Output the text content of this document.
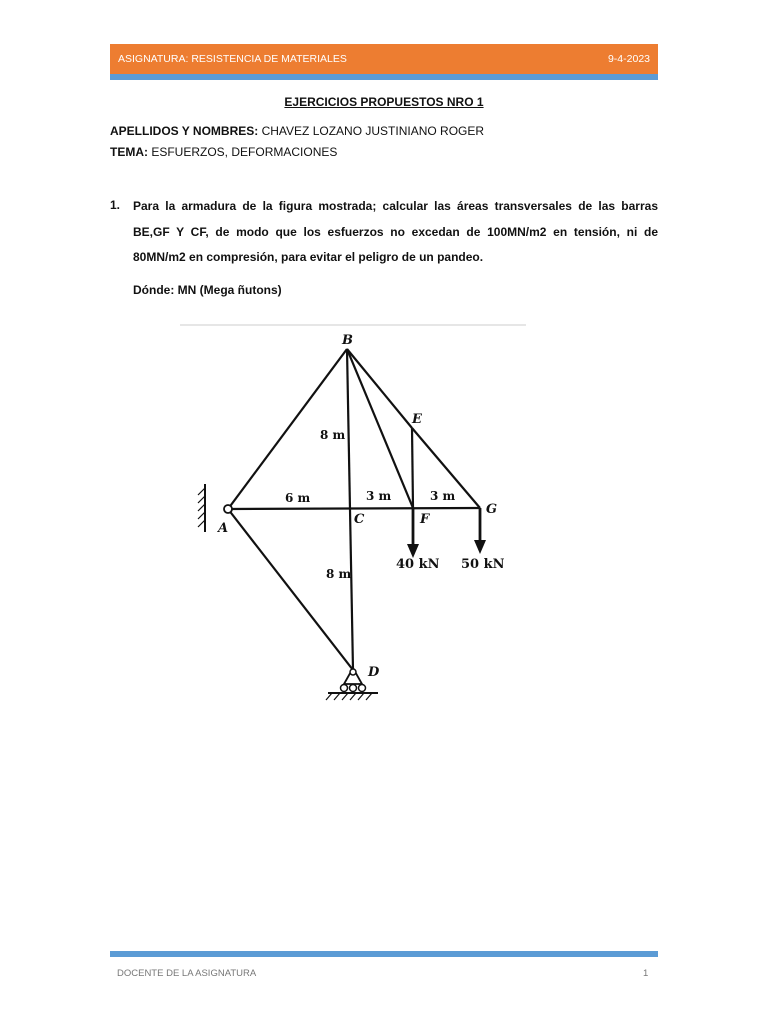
ASIGNATURA: RESISTENCIA DE MATERIALES	9-4-2023
EJERCICIOS PROPUESTOS NRO 1
APELLIDOS Y NOMBRES: CHAVEZ LOZANO JUSTINIANO ROGER
TEMA: ESFUERZOS, DEFORMACIONES
1. Para la armadura de la figura mostrada; calcular las áreas transversales de las barras BE,GF Y CF, de modo que los esfuerzos no excedan de 100MN/m2 en tensión, ni de 80MN/m2 en compresión, para evitar el peligro de un pandeo.
Dónde: MN (Mega ñutons)
B
E
G
C	F
A
D
8 m
6 m	3 m	3 m
8 m
40 kN 50 kN
DOCENTE DE LA ASIGNATURA	1
